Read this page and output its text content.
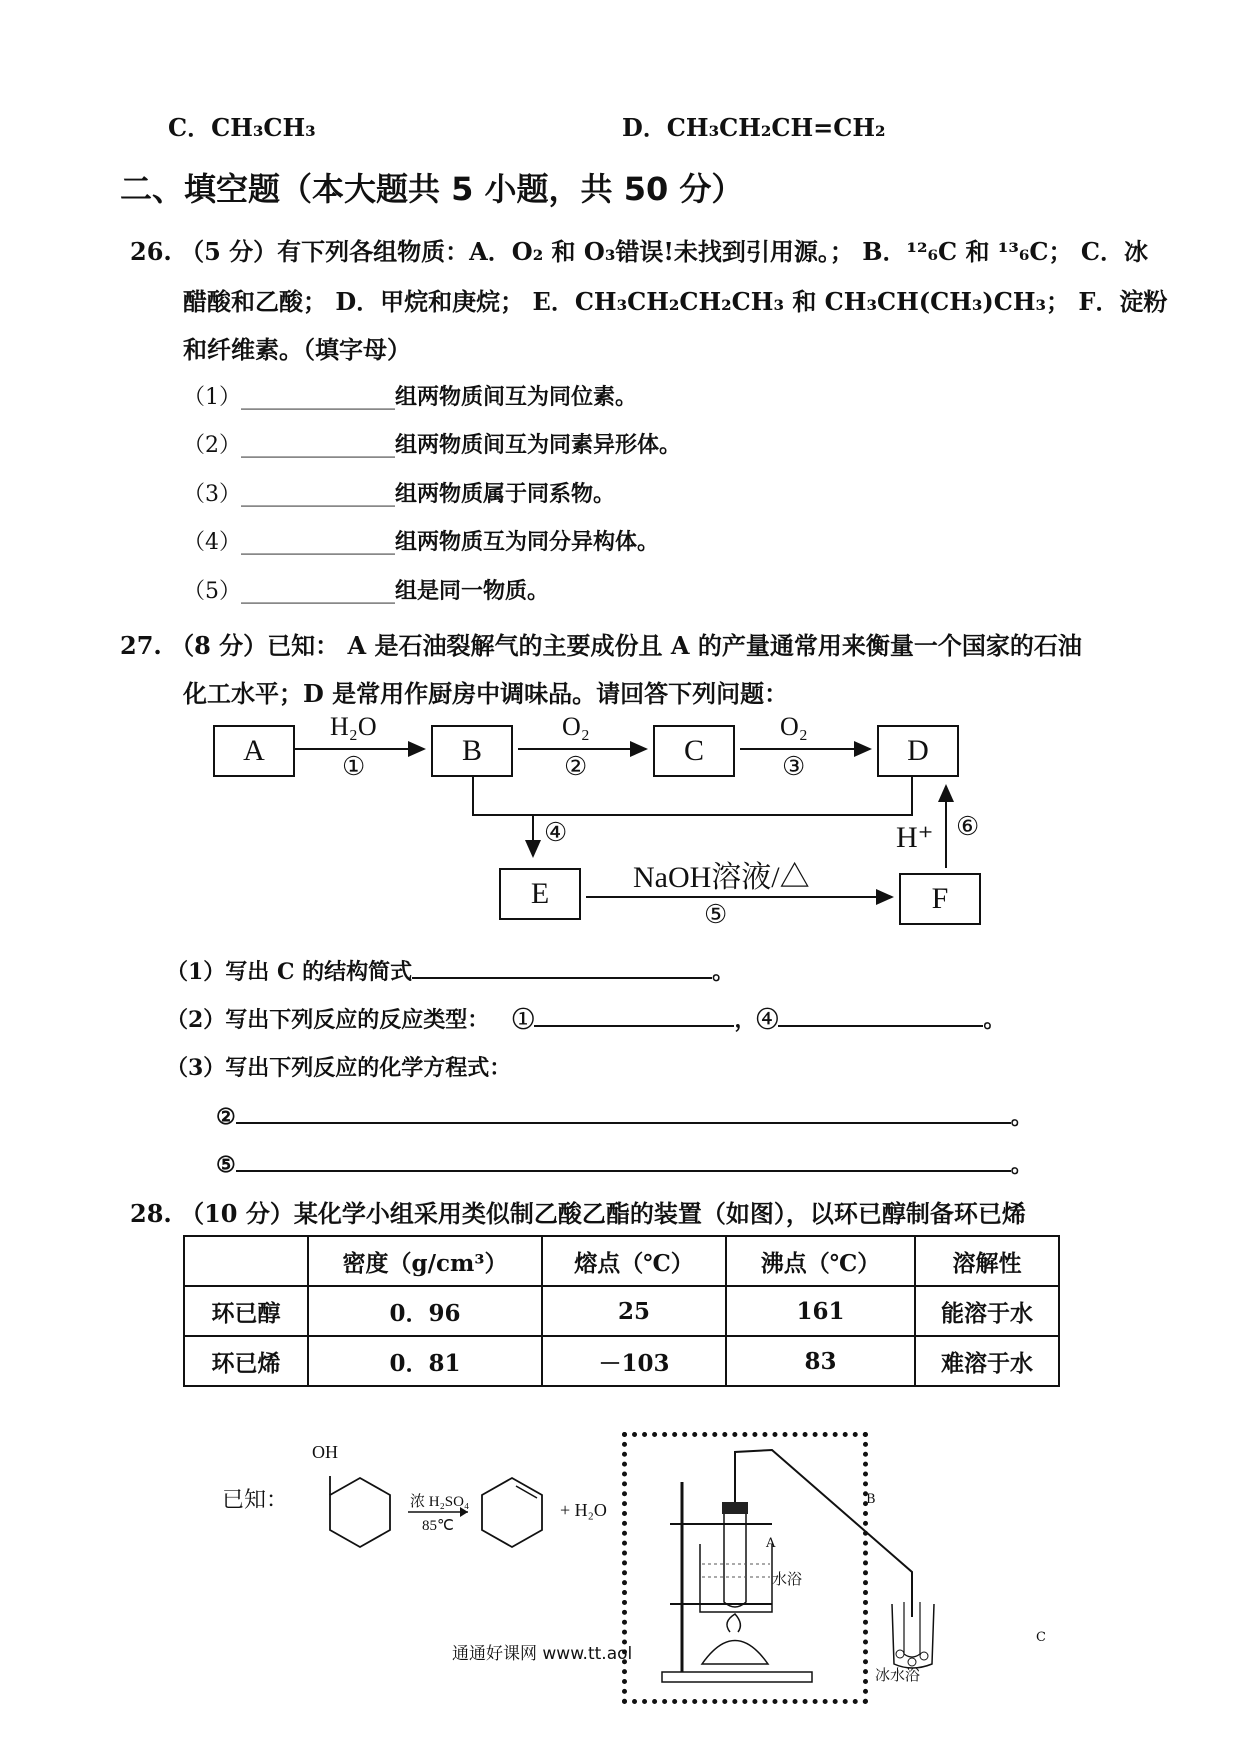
C．CH₃CH₃	D．CH₃CH₂CH=CH₂
二、填空题（本大题共 5 小题，共 50 分）
26. （5 分）有下列各组物质：A．O₂ 和 O₃错误!未找到引用源。； B．¹²₆C 和 ¹³₆C； C．冰
醋酸和乙酸； D．甲烷和庚烷； E．CH₃CH₂CH₂CH₃ 和 CH₃CH(CH₃)CH₃； F．淀粉
和纤维素。（填字母）
（1）______________组两物质间互为同位素。
（2）______________组两物质间互为同素异形体。
（3）______________组两物质属于同系物。
（4）______________组两物质互为同分异构体。
（5）______________组是同一物质。
27. （8 分）已知： A 是石油裂解气的主要成份且 A 的产量通常用来衡量一个国家的石油
化工水平；D 是常用作厨房中调味品。请回答下列问题：
A	B	C	D
E	F
H₂O
①
O₂
②
O₂
③
④
NaOH溶液/△
⑤
H⁺ ⑥
（1）写出 C 的结构简式	。
（2）写出下列反应的反应类型： ①	，④	。
（3）写出下列反应的化学方程式：
②	。
⑤	。
28. （10 分）某化学小组采用类似制乙酸乙酯的装置（如图），以环已醇制备环已烯
	密度（g/cm³）	熔点（℃）	沸点（℃）	溶解性
环已醇	0．96	25	161	能溶于水
环已烯	0．81	－103	83	难溶于水
已知：
OH
浓 H₂SO₄
85℃
+ H₂O
A
水浴
B
C
冰水浴
通通好课网 www.tt.aol
